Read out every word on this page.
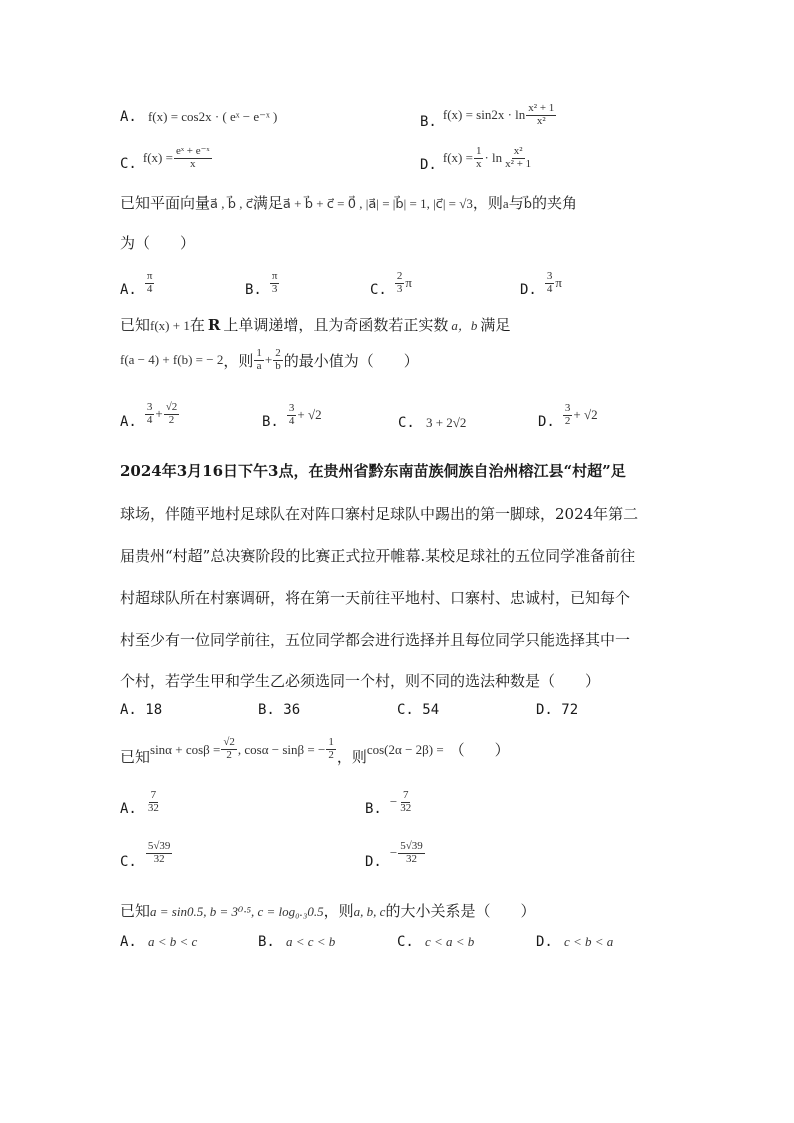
A. f(x) = cos2x · ( eˣ − e⁻ˣ )	B. $f(x) = \sin 2x \cdot \ln \frac{\text{x² + 1}}{\text{x²}}$
C. $f(x) = \frac{\text{eˣ + e⁻ˣ}}{x}$	D. $f(x) = \frac{1}{x} \cdot \ln \frac{\text{x²}}{\text{x² + 1}}$
已知平面向量a⃗ , b⃗ , c⃗满足a⃗ + b⃗ + c⃗ = 0⃗ , |a⃗| = |b⃗| = 1, |c⃗| = √3，则a与b⃗的夹角
为（　　）
A. $\frac{\pi}{4}$	B. $\frac{\pi}{3}$	C. $\frac{2}{3}$ π	D. $\frac{3}{4}$ π
已知f(x) + 1在 R 上单调递增，且为奇函数若正实数 a，b 满足
f(a − 4) + f(b) = − 2 ，则 $\frac{1}{a} + \frac{2}{b}$ 的最小值为（　　）
A. $\frac{3}{4} + \frac{√2}{2}$	B. $\frac{3}{4} + √2$
C. 3 + 2√2	D. $\frac{3}{2} + √2$
2024年3月16日下午3点，在贵州省黔东南苗族侗族自治州榕江县“村超”足
球场，伴随平地村足球队在对阵口寨村足球队中踢出的第一脚球，2024年第二
届贵州“村超”总决赛阶段的比赛正式拉开帷幕.某校足球社的五位同学准备前往
村超球队所在村寨调研，将在第一天前往平地村、口寨村、忠诚村，已知每个
村至少有一位同学前往，五位同学都会进行选择并且每位同学只能选择其中一
个村，若学生甲和学生乙必须选同一个村，则不同的选法种数是（　　）
A. 18	B. 36	C. 54	D. 72
已知 $\sin\alpha + \cos\beta = \frac{√2}{2}$ , cosα − sinβ = − $\frac{1}{2}$ ，则 cos(2α − 2β) = （　　）
A. $\frac{7}{32}$	B. − $\frac{7}{32}$
C. $\frac{5√39}{32}$	D.
− $\frac{5√39}{32}$
已知a = sin0.5, b = 3⁰·⁵, c = log₀.₃0.5，则a, b, c的大小关系是（　　）
A. a < b < c	B. a < c < b	C. c < a < b	D. c < b < a
